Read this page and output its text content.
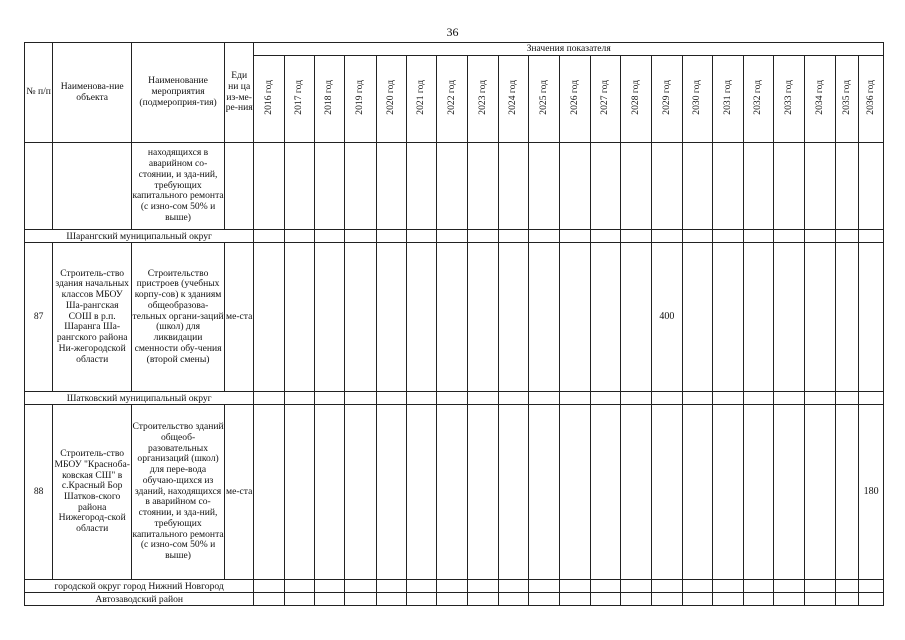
36
№ п/п	Наименова-ние объекта	Наименование мероприятия (подмероприя-тия)	Еди ни ца из-ме-ре-ния	Значения показателя																				
				2016 год	2017 год	2018 год	2019 год	2020 год	2021 год	2022 год	2023 год	2024 год	2025 год	2026 год	2027 год	2028 год	2029 год	2030 год	2031 год	2032 год	2033 год	2034 год	2035 год	2036 год
		находящихся в аварийном со-стоянии, и зда-ний, требующих капитального ремонта (с изно-сом 50% и выше)																						
Шарангский муниципальный округ																								
87	Строитель-ство здания начальных классов МБОУ Ша-рангская СОШ в р.п. Шаранга Ша-рангского района Ни-жегородской области	Строительство пристроев (учебных корпу-сов) к зданиям общеобразова-тельных органи-заций (школ) для ликвидации сменности обу-чения (второй смены)	ме-ста														400							
Шатковский муниципальный округ																								
88	Строитель-ство МБОУ "Краснoба-ковская СШ" в с.Красный Бор Шатков-ского района Нижегород-ской области	Строительство зданий общеоб-разовательных организаций (школ) для пере-вода обучаю-щихся из зданий, находящихся в аварийном со-стоянии, и зда-ний, требующих капитального ремонта (с изно-сом 50% и выше)	ме-ста																					180
городской округ город Нижний Новгород																								
Автозаводский район																								
